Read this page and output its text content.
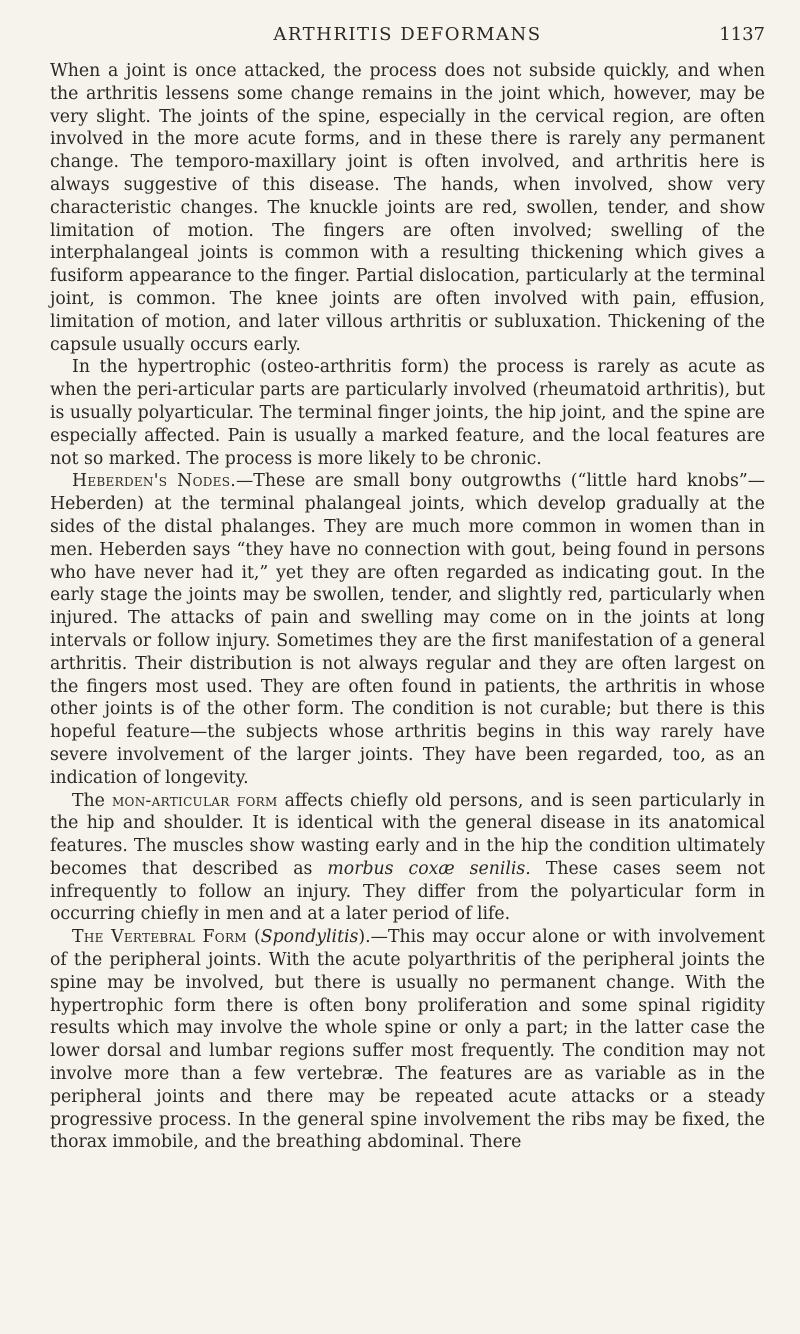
ARTHRITIS DEFORMANS	1137

When a joint is once attacked, the process does not subside quickly, and when the arthritis lessens some change remains in the joint which, however, may be very slight. The joints of the spine, especially in the cervical region, are often involved in the more acute forms, and in these there is rarely any permanent change. The temporo-maxillary joint is often involved, and arthritis here is always suggestive of this disease. The hands, when involved, show very characteristic changes. The knuckle joints are red, swollen, tender, and show limitation of motion. The fingers are often involved; swelling of the interphalangeal joints is common with a resulting thickening which gives a fusiform appearance to the finger. Partial dislocation, particularly at the terminal joint, is common. The knee joints are often involved with pain, effusion, limitation of motion, and later villous arthritis or subluxation. Thickening of the capsule usually occurs early.

In the hypertrophic (osteo-arthritis form) the process is rarely as acute as when the peri-articular parts are particularly involved (rheumatoid arthritis), but is usually polyarticular. The terminal finger joints, the hip joint, and the spine are especially affected. Pain is usually a marked feature, and the local features are not so marked. The process is more likely to be chronic.

Heberden's Nodes.—These are small bony outgrowths (“little hard knobs”—Heberden) at the terminal phalangeal joints, which develop gradually at the sides of the distal phalanges. They are much more common in women than in men. Heberden says “they have no connection with gout, being found in persons who have never had it,” yet they are often regarded as indicating gout. In the early stage the joints may be swollen, tender, and slightly red, particularly when injured. The attacks of pain and swelling may come on in the joints at long intervals or follow injury. Sometimes they are the first manifestation of a general arthritis. Their distribution is not always regular and they are often largest on the fingers most used. They are often found in patients, the arthritis in whose other joints is of the other form. The condition is not curable; but there is this hopeful feature—the subjects whose arthritis begins in this way rarely have severe involvement of the larger joints. They have been regarded, too, as an indication of longevity.

The mon-articular form affects chiefly old persons, and is seen particularly in the hip and shoulder. It is identical with the general disease in its anatomical features. The muscles show wasting early and in the hip the condition ultimately becomes that described as morbus coxæ senilis. These cases seem not infrequently to follow an injury. They differ from the polyarticular form in occurring chiefly in men and at a later period of life.

The Vertebral Form (Spondylitis).—This may occur alone or with involvement of the peripheral joints. With the acute polyarthritis of the peripheral joints the spine may be involved, but there is usually no permanent change. With the hypertrophic form there is often bony proliferation and some spinal rigidity results which may involve the whole spine or only a part; in the latter case the lower dorsal and lumbar regions suffer most frequently. The condition may not involve more than a few vertebræ. The features are as variable as in the peripheral joints and there may be repeated acute attacks or a steady progressive process. In the general spine involvement the ribs may be fixed, the thorax immobile, and the breathing abdominal. There
